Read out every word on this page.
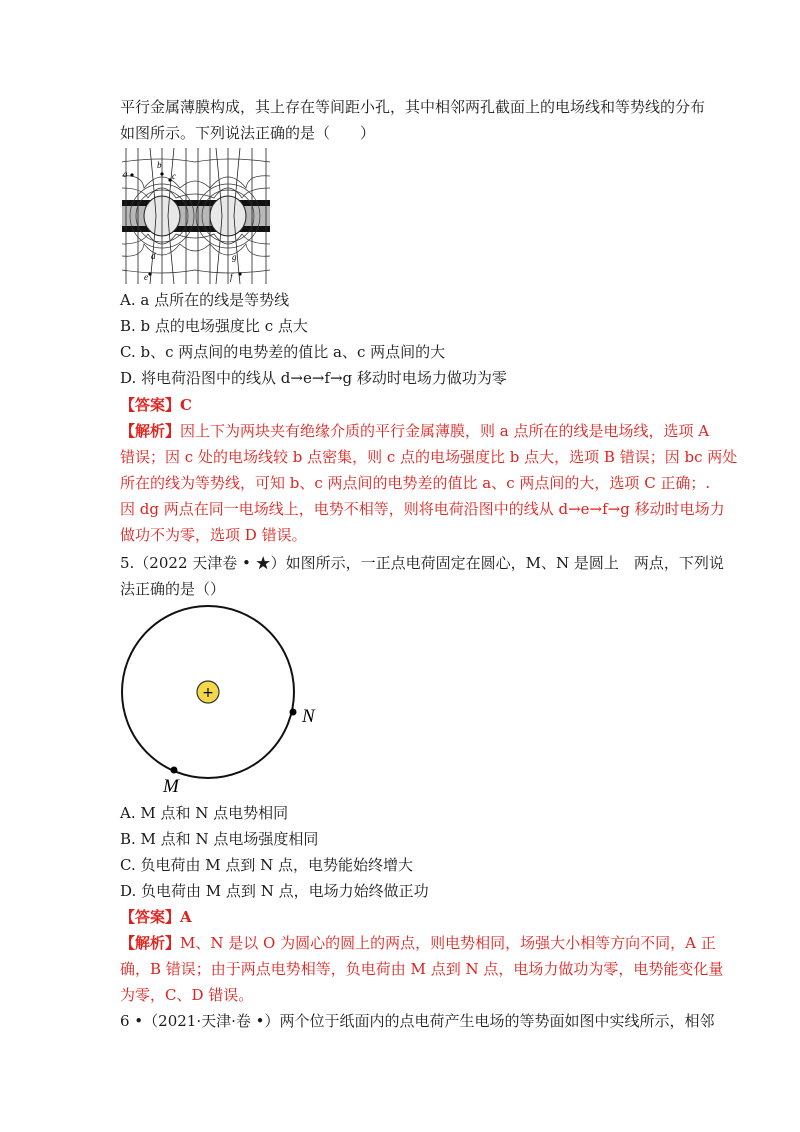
平行金属薄膜构成，其上存在等间距小孔，其中相邻两孔截面上的电场线和等势线的分布
如图所示。下列说法正确的是（　　）
a
b
c
d
e	f
g
A. a 点所在的线是等势线
B. b 点的电场强度比 c 点大
C. b、c 两点间的电势差的值比 a、c 两点间的大
D. 将电荷沿图中的线从 d→e→f→g 移动时电场力做功为零
【答案】C
【解析】因上下为两块夹有绝缘介质的平行金属薄膜，则 a 点所在的线是电场线，选项 A
错误；因 c 处的电场线较 b 点密集，则 c 点的电场强度比 b 点大，选项 B 错误；因 bc 两处
所在的线为等势线，可知 b、c 两点间的电势差的值比 a、c 两点间的大，选项 C 正确；.
因 dg 两点在同一电场线上，电势不相等，则将电荷沿图中的线从 d→e→f→g 移动时电场力
做功不为零，选项 D 错误。
5.（2022 天津卷 • ★）如图所示，一正点电荷固定在圆心，M、N 是圆上　两点，下列说
法正确的是（）
+
N
M
A. M 点和 N 点电势相同
B. M 点和 N 点电场强度相同
C. 负电荷由 M 点到 N 点，电势能始终增大
D. 负电荷由 M 点到 N 点，电场力始终做正功
【答案】A
【解析】M、N 是以 O 为圆心的圆上的两点，则电势相同，场强大小相等方向不同，A 正
确，B 错误；由于两点电势相等，负电荷由 M 点到 N 点，电场力做功为零，电势能变化量
为零，C、D 错误。
6 •（2021·天津·卷 •）两个位于纸面内的点电荷产生电场的等势面如图中实线所示，相邻
